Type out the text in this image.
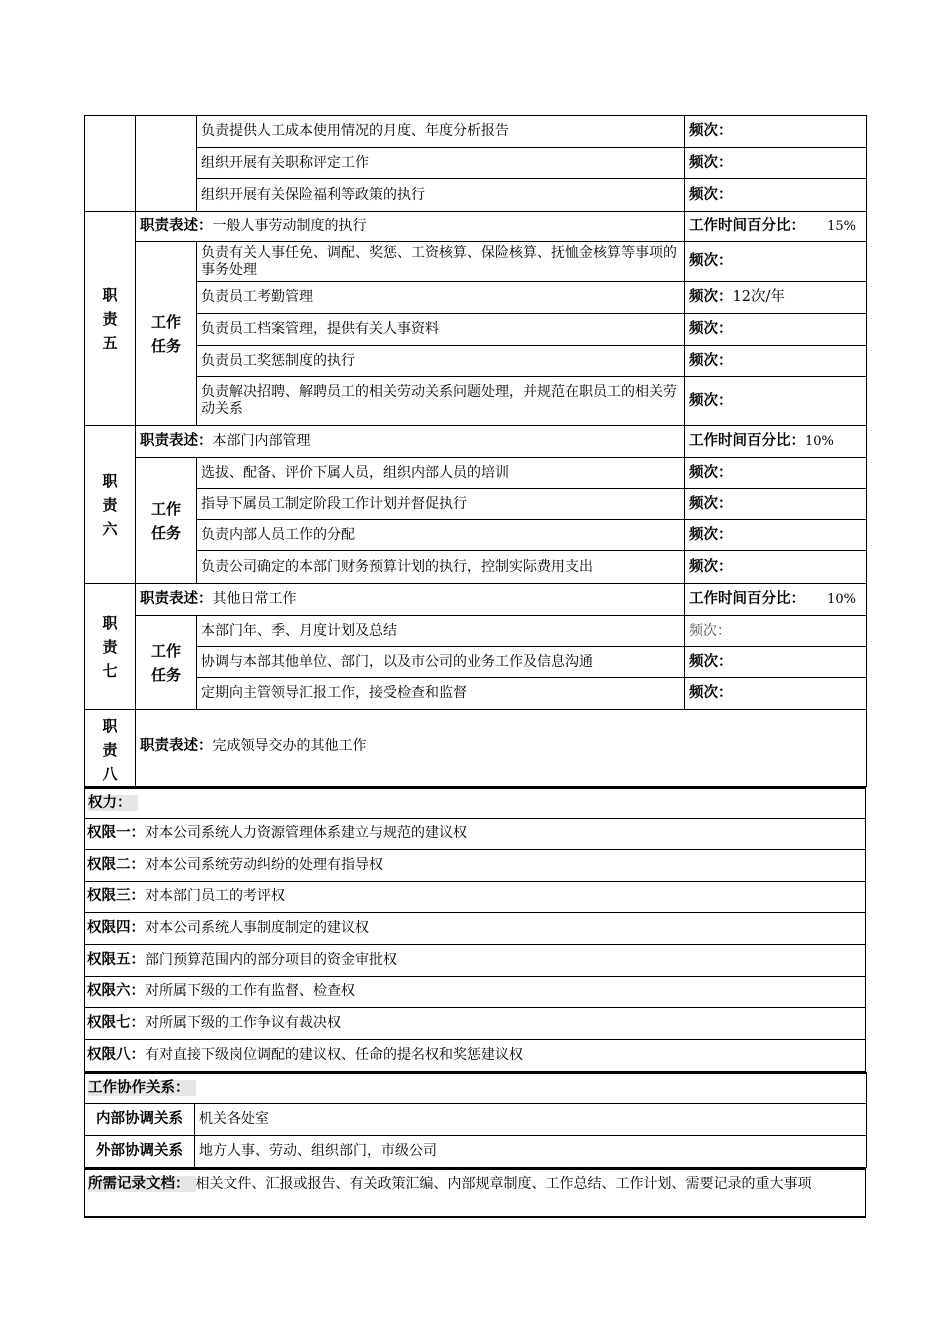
		负责提供人工成本使用情况的月度、年度分析报告	频次：
		组织开展有关职称评定工作	频次：
		组织开展有关保险福利等政策的执行	频次：
职
责
五	职责表述：一般人事劳动制度的执行		工作时间百分比： 15%

	工作
任务	负责有关人事任免、调配、奖惩、工资核算、保险核算、抚恤金核算等事项的事务处理	频次：
		负责员工考勤管理	频次：12次/年
		负责员工档案管理，提供有关人事资料	频次：
		负责员工奖惩制度的执行	频次：
		负责解决招聘、解聘员工的相关劳动关系问题处理，并规范在职员工的相关劳动关系	频次：
职
责
六	职责表述：本部门内部管理		工作时间百分比：10%
	工作
任务	选拔、配备、评价下属人员，组织内部人员的培训	频次：
		指导下属员工制定阶段工作计划并督促执行	频次：
		负责内部人员工作的分配	频次：
		负责公司确定的本部门财务预算计划的执行，控制实际费用支出	频次：
职
责
七	职责表述：其他日常工作		工作时间百分比： 10%

	工作
任务	本部门年、季、月度计划及总结	频次：
		协调与本部其他单位、部门，以及市公司的业务工作及信息沟通	频次：
		定期向主管领导汇报工作，接受检查和监督	频次：
职
责
八	职责表述：完成领导交办的其他工作		
权力：
权限一：对本公司系统人力资源管理体系建立与规范的建议权
权限二：对本公司系统劳动纠纷的处理有指导权
权限三：对本部门员工的考评权
权限四：对本公司系统人事制度制定的建议权
权限五：部门预算范围内的部分项目的资金审批权
权限六：对所属下级的工作有监督、检查权
权限七：对所属下级的工作争议有裁决权
权限八：有对直接下级岗位调配的建议权、任命的提名权和奖惩建议权
工作协作关系：	
内部协调关系	机关各处室
外部协调关系	地方人事、劳动、组织部门，市级公司
所需记录文档： 相关文件、汇报或报告、有关政策汇编、内部规章制度、工作总结、工作计划、需要记录的重大事项
